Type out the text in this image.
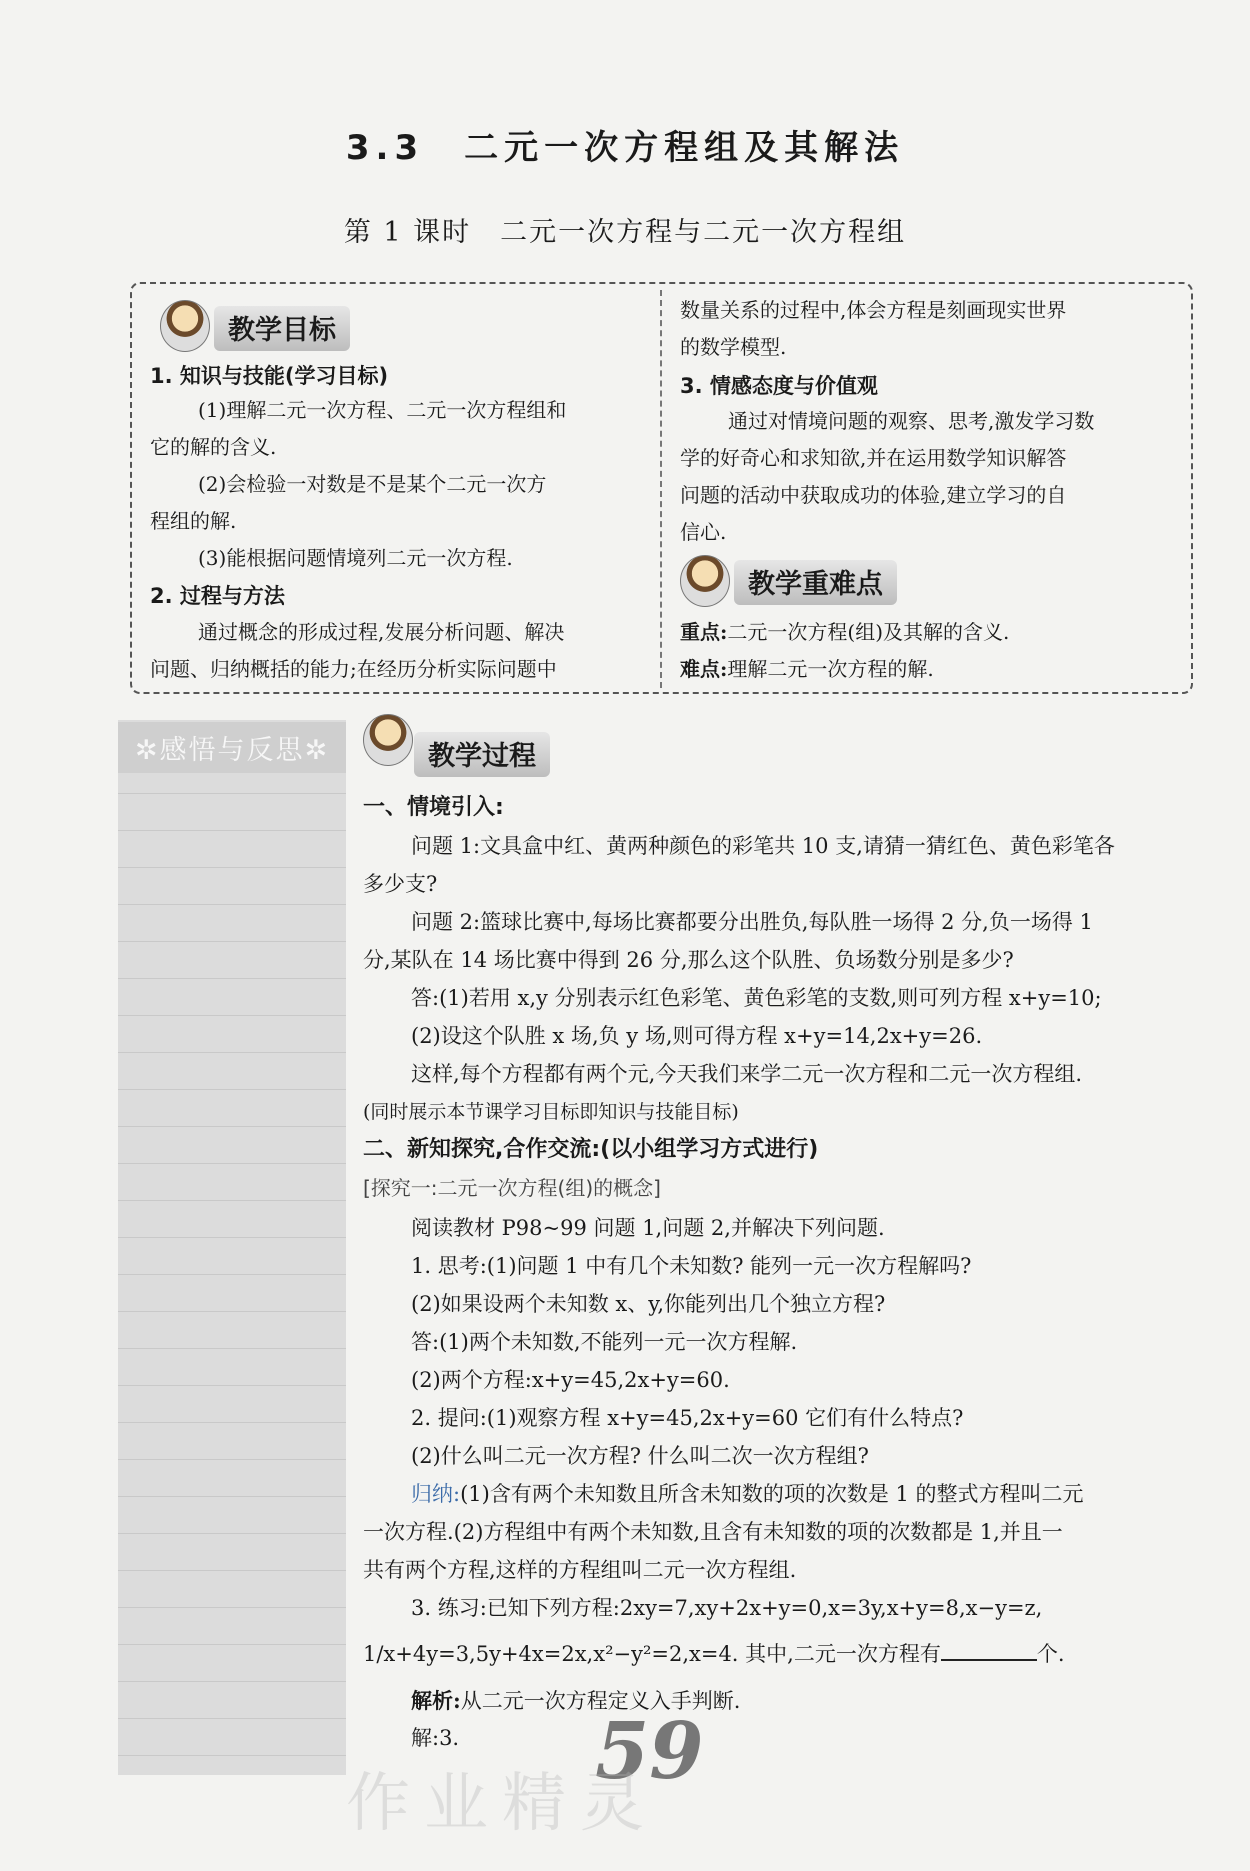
3.3　二元一次方程组及其解法
第 1 课时　二元一次方程与二元一次方程组
教学目标
1. 知识与技能(学习目标)
(1)理解二元一次方程、二元一次方程组和
它的解的含义.
(2)会检验一对数是不是某个二元一次方
程组的解.
(3)能根据问题情境列二元一次方程.
2. 过程与方法
通过概念的形成过程,发展分析问题、解决
问题、归纳概括的能力;在经历分析实际问题中
数量关系的过程中,体会方程是刻画现实世界
的数学模型.
3. 情感态度与价值观
通过对情境问题的观察、思考,激发学习数
学的好奇心和求知欲,并在运用数学知识解答
问题的活动中获取成功的体验,建立学习的自
信心.
教学重难点
重点:二元一次方程(组)及其解的含义.
难点:理解二元一次方程的解.
✲感悟与反思✲	教学过程
一、情境引入:
问题 1:文具盒中红、黄两种颜色的彩笔共 10 支,请猜一猜红色、黄色彩笔各
多少支?
问题 2:篮球比赛中,每场比赛都要分出胜负,每队胜一场得 2 分,负一场得 1
分,某队在 14 场比赛中得到 26 分,那么这个队胜、负场数分别是多少?
答:(1)若用 x,y 分别表示红色彩笔、黄色彩笔的支数,则可列方程 x+y=10;
(2)设这个队胜 x 场,负 y 场,则可得方程 x+y=14,2x+y=26.
这样,每个方程都有两个元,今天我们来学二元一次方程和二元一次方程组.
(同时展示本节课学习目标即知识与技能目标)
二、新知探究,合作交流:(以小组学习方式进行)
[探究一:二元一次方程(组)的概念]
阅读教材 P98~99 问题 1,问题 2,并解决下列问题.
1. 思考:(1)问题 1 中有几个未知数? 能列一元一次方程解吗?
(2)如果设两个未知数 x、y,你能列出几个独立方程?
答:(1)两个未知数,不能列一元一次方程解.
(2)两个方程:x+y=45,2x+y=60.
2. 提问:(1)观察方程 x+y=45,2x+y=60 它们有什么特点?
(2)什么叫二元一次方程? 什么叫二次一次方程组?
归纳:(1)含有两个未知数且所含未知数的项的次数是 1 的整式方程叫二元
一次方程.(2)方程组中有两个未知数,且含有未知数的项的次数都是 1,并且一
共有两个方程,这样的方程组叫二元一次方程组.
3. 练习:已知下列方程:2xy=7,xy+2x+y=0,x=3y,x+y=8,x−y=z,
1/x+4y=3,5y+4x=2x,x²−y²=2,x=4. 其中,二元一次方程有	个.
解析:从二元一次方程定义入手判断.
解:3.	59
作业精灵
